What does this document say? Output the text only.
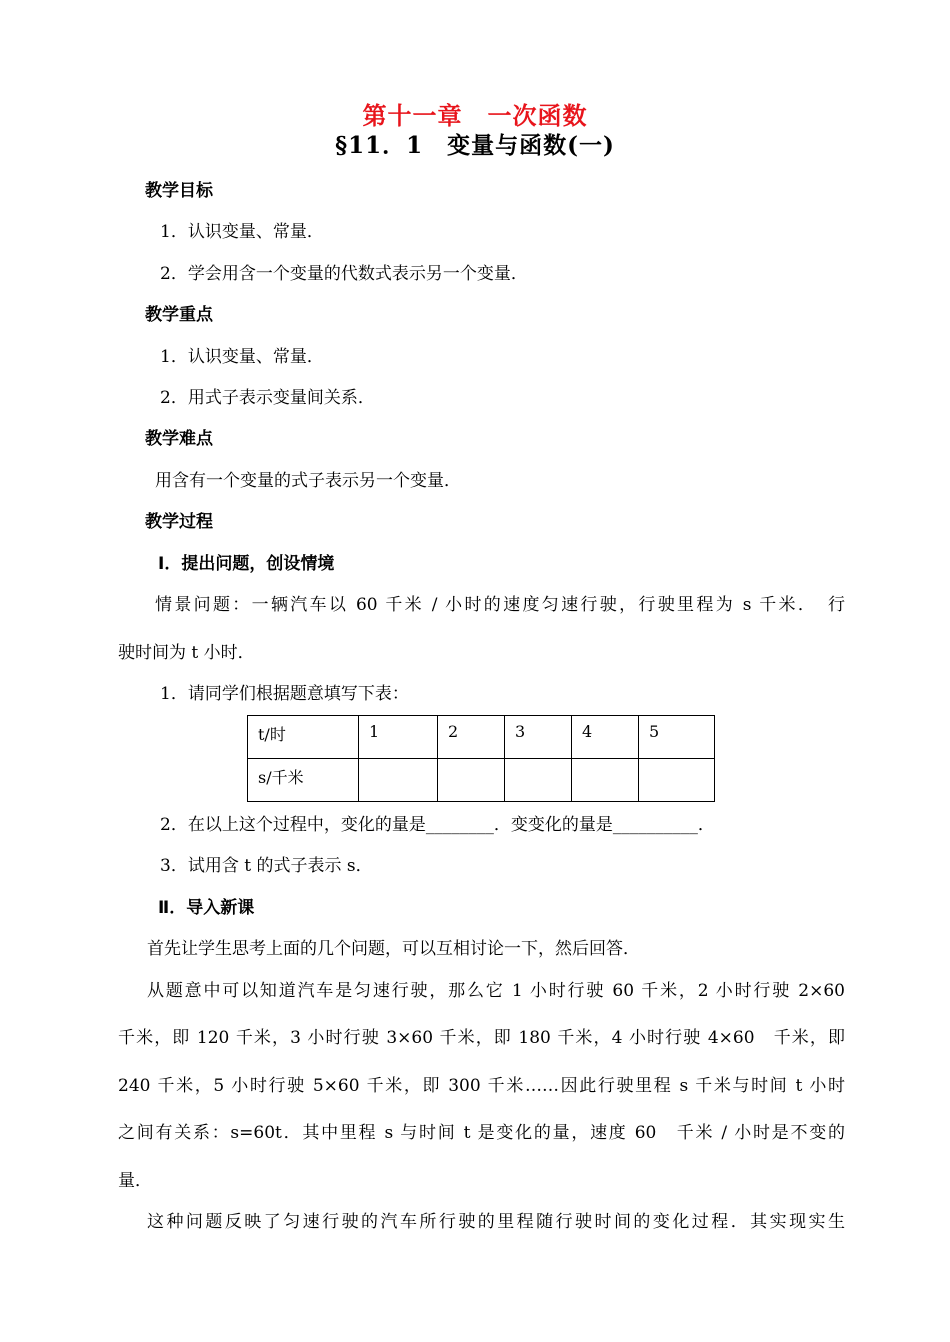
第十一章　一次函数
§11．1　变量与函数(一)
教学目标
1．认识变量、常量．
2．学会用含一个变量的代数式表示另一个变量．
教学重点
1．认识变量、常量．
2．用式子表示变量间关系．
教学难点
用含有一个变量的式子表示另一个变量．
教学过程
Ⅰ．提出问题，创设情境
情景问题：一辆汽车以 60 千米 / 小时的速度匀速行驶，行驶里程为 s 千米．　行
驶时间为 t 小时．
1．请同学们根据题意填写下表：
t/时	1	2	3	4	5
s/千米					
2．在以上这个过程中，变化的量是________．变变化的量是__________．
3．试用含 t 的式子表示 s．
Ⅱ．导入新课
首先让学生思考上面的几个问题，可以互相讨论一下，然后回答．
从题意中可以知道汽车是匀速行驶，那么它 1 小时行驶 60 千米，2 小时行驶 2×60
千米，即 120 千米，3 小时行驶 3×60 千米，即 180 千米，4 小时行驶 4×60　千米，即
240 千米，5 小时行驶 5×60 千米，即 300 千米……因此行驶里程 s 千米与时间 t 小时
之间有关系：s=60t．其中里程 s 与时间 t 是变化的量，速度 60　千米 / 小时是不变的
量．
这种问题反映了匀速行驶的汽车所行驶的里程随行驶时间的变化过程．其实现实生
